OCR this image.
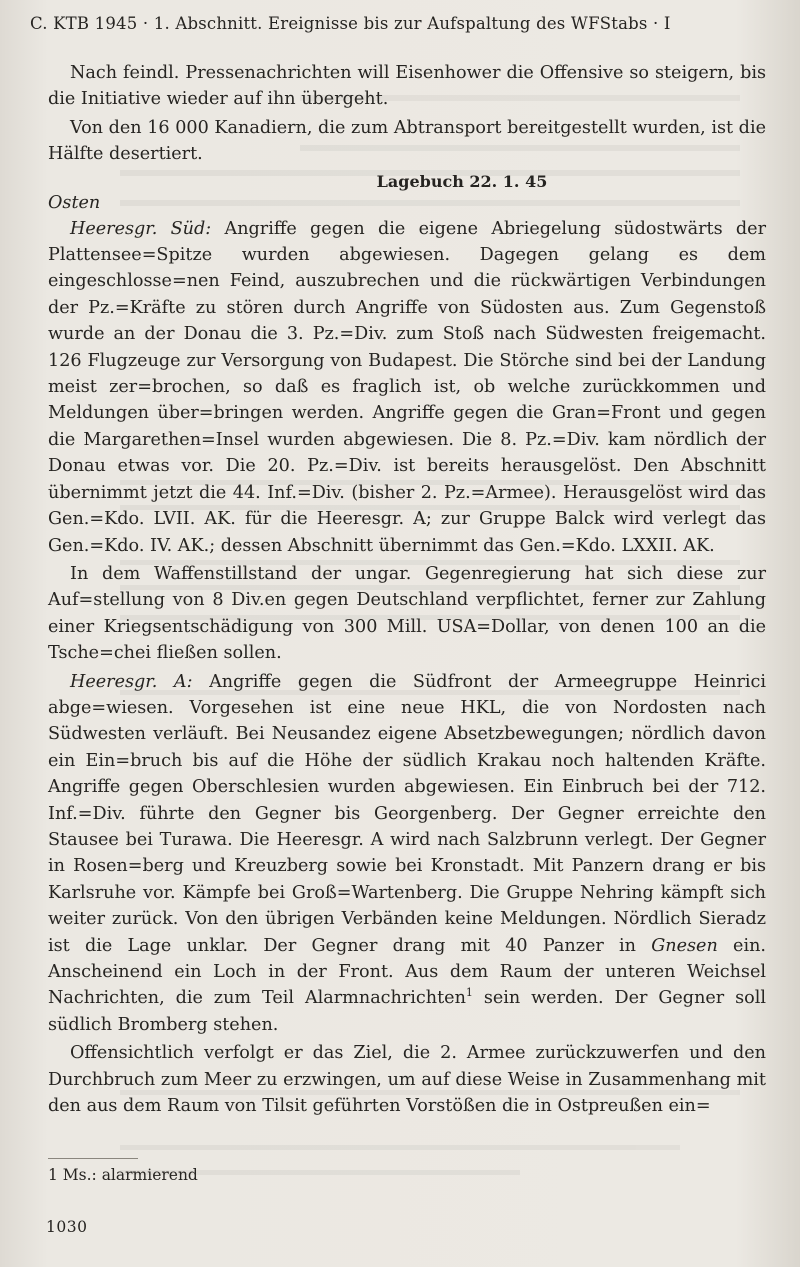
C. KTB 1945 · 1. Abschnitt. Ereignisse bis zur Aufspaltung des WFStabs · I

Nach feindl. Pressenachrichten will Eisenhower die Offensive so steigern, bis die Initiative wieder auf ihn übergeht.

Von den 16 000 Kanadiern, die zum Abtransport bereitgestellt wurden, ist die Hälfte desertiert.

Lagebuch 22. 1. 45
Osten

Heeresgr. Süd: Angriffe gegen die eigene Abriegelung südostwärts der Plattensee=Spitze wurden abgewiesen. Dagegen gelang es dem eingeschlosse=nen Feind, auszubrechen und die rückwärtigen Verbindungen der Pz.=Kräfte zu stören durch Angriffe von Südosten aus. Zum Gegenstoß wurde an der Donau die 3. Pz.=Div. zum Stoß nach Südwesten freigemacht. 126 Flugzeuge zur Versorgung von Budapest. Die Störche sind bei der Landung meist zer=brochen, so daß es fraglich ist, ob welche zurückkommen und Meldungen über=bringen werden. Angriffe gegen die Gran=Front und gegen die Margarethen=Insel wurden abgewiesen. Die 8. Pz.=Div. kam nördlich der Donau etwas vor. Die 20. Pz.=Div. ist bereits herausgelöst. Den Abschnitt übernimmt jetzt die 44. Inf.=Div. (bisher 2. Pz.=Armee). Herausgelöst wird das Gen.=Kdo. LVII. AK. für die Heeresgr. A; zur Gruppe Balck wird verlegt das Gen.=Kdo. IV. AK.; dessen Abschnitt übernimmt das Gen.=Kdo. LXXII. AK.

In dem Waffenstillstand der ungar. Gegenregierung hat sich diese zur Auf=stellung von 8 Div.en gegen Deutschland verpflichtet, ferner zur Zahlung einer Kriegsentschädigung von 300 Mill. USA=Dollar, von denen 100 an die Tsche=chei fließen sollen.

Heeresgr. A: Angriffe gegen die Südfront der Armeegruppe Heinrici abge=wiesen. Vorgesehen ist eine neue HKL, die von Nordosten nach Südwesten verläuft. Bei Neusandez eigene Absetzbewegungen; nördlich davon ein Ein=bruch bis auf die Höhe der südlich Krakau noch haltenden Kräfte. Angriffe gegen Oberschlesien wurden abgewiesen. Ein Einbruch bei der 712. Inf.=Div. führte den Gegner bis Georgenberg. Der Gegner erreichte den Stausee bei Turawa. Die Heeresgr. A wird nach Salzbrunn verlegt. Der Gegner in Rosen=berg und Kreuzberg sowie bei Kronstadt. Mit Panzern drang er bis Karlsruhe vor. Kämpfe bei Groß=Wartenberg. Die Gruppe Nehring kämpft sich weiter zurück. Von den übrigen Verbänden keine Meldungen. Nördlich Sieradz ist die Lage unklar. Der Gegner drang mit 40 Panzer in Gnesen ein. Anscheinend ein Loch in der Front. Aus dem Raum der unteren Weichsel Nachrichten, die zum Teil Alarmnachrichten$^1$ sein werden. Der Gegner soll südlich Bromberg stehen.

Offensichtlich verfolgt er das Ziel, die 2. Armee zurückzuwerfen und den Durchbruch zum Meer zu erzwingen, um auf diese Weise in Zusammenhang mit den aus dem Raum von Tilsit geführten Vorstößen die in Ostpreußen ein=

1 Ms.: alarmierend
1030
